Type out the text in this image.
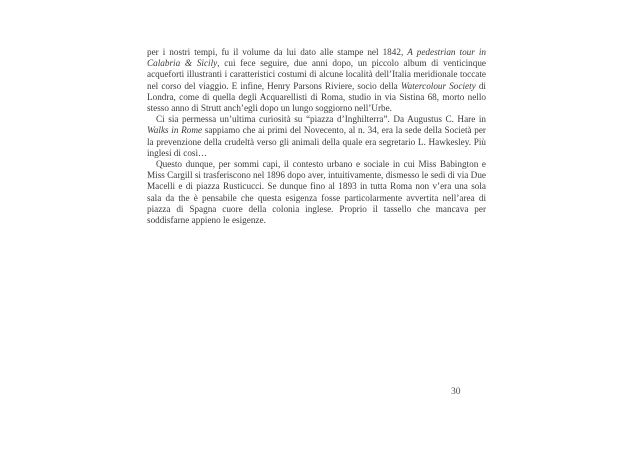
per i nostri tempi, fu il volume da lui dato alle stampe nel 1842, A pedestrian tour in Calabria & Sicily, cui fece seguire, due anni dopo, un piccolo album di venticinque acqueforti illustranti i caratteristici costumi di alcune località dell’Italia meridionale toccate nel corso del viaggio. E infine, Henry Parsons Riviere, socio della Watercolour Society di Londra, come di quella degli Acquarellisti di Roma, studio in via Sistina 68, morto nello stesso anno di Strutt anch’egli dopo un lungo soggiorno nell’Urbe.

Ci sia permessa un’ultima curiosità su “piazza d’Inghilterra”. Da Augustus C. Hare in Walks in Rome sappiamo che ai primi del Novecento, al n. 34, era la sede della Società per la prevenzione della crudeltà verso gli animali della quale era segretario L. Hawkesley. Più inglesi di così…

Questo dunque, per sommi capi, il contesto urbano e sociale in cui Miss Babington e Miss Cargill si trasferiscono nel 1896 dopo aver, intuitivamente, dismesso le sedi di via Due Macelli e di piazza Rusticucci. Se dunque fino al 1893 in tutta Roma non v’era una sola sala da the è pensabile che questa esigenza fosse particolarmente avvertita nell’area di piazza di Spagna cuore della colonia inglese. Proprio il tassello che mancava per soddisfarne appieno le esigenze.

30
